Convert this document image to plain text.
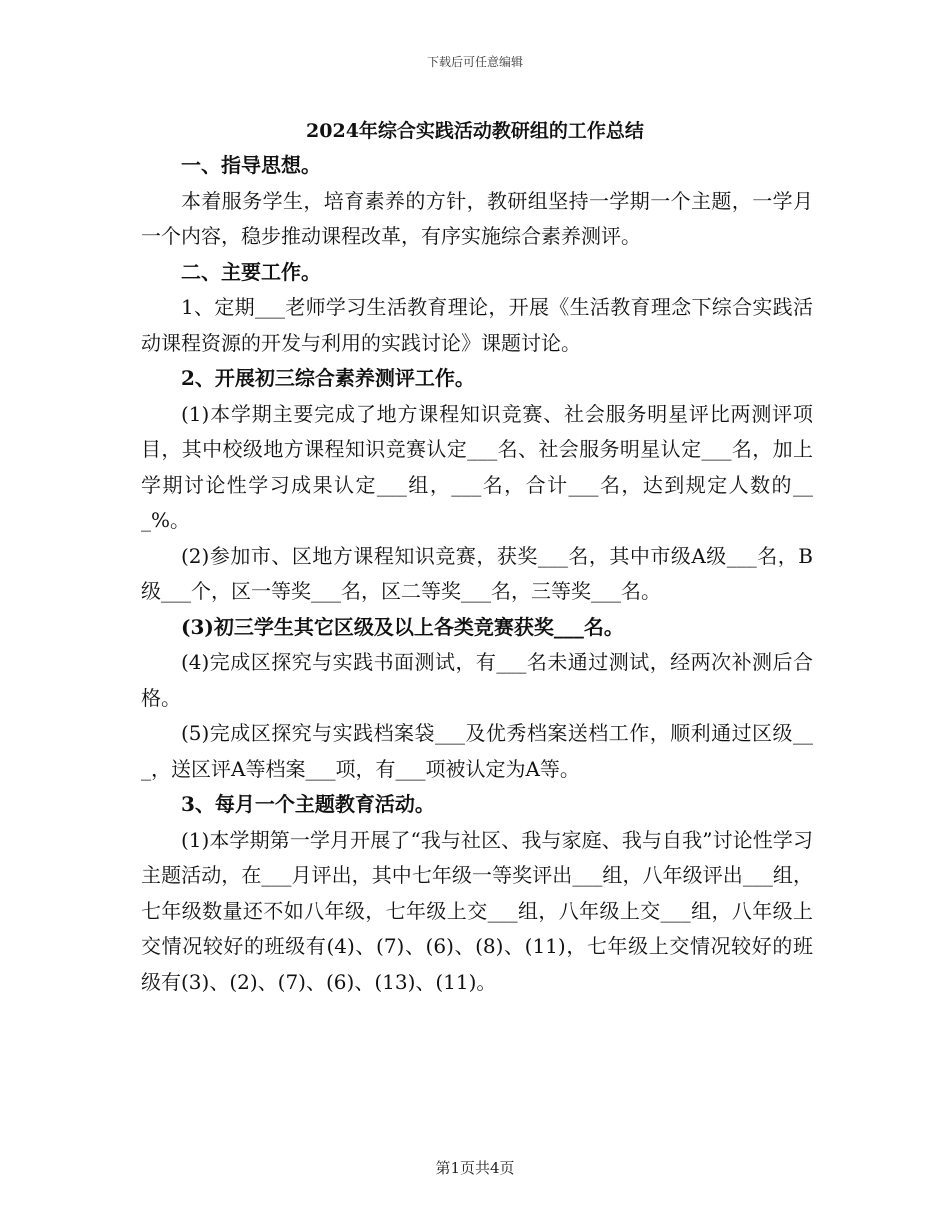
下载后可任意编辑
2024年综合实践活动教研组的工作总结

一、指导思想。

本着服务学生，培育素养的方针，教研组坚持一学期一个主题，一学月一个内容，稳步推动课程改革，有序实施综合素养测评。

二、主要工作。

1、定期___老师学习生活教育理论，开展《生活教育理念下综合实践活动课程资源的开发与利用的实践讨论》课题讨论。

2、开展初三综合素养测评工作。

(1)本学期主要完成了地方课程知识竞赛、社会服务明星评比两测评项目，其中校级地方课程知识竞赛认定___名、社会服务明星认定___名，加上学期讨论性学习成果认定___组，___名，合计___名，达到规定人数的___%。

(2)参加市、区地方课程知识竞赛，获奖___名，其中市级A级___名，B级___个，区一等奖___名，区二等奖___名，三等奖___名。

(3)初三学生其它区级及以上各类竞赛获奖___名。

(4)完成区探究与实践书面测试，有___名未通过测试，经两次补测后合格。

(5)完成区探究与实践档案袋___及优秀档案送档工作，顺利通过区级___，送区评A等档案___项，有___项被认定为A等。

3、每月一个主题教育活动。

(1)本学期第一学月开展了“我与社区、我与家庭、我与自我”讨论性学习主题活动，在___月评出，其中七年级一等奖评出___组，八年级评出___组，七年级数量还不如八年级，七年级上交___组，八年级上交___组，八年级上交情况较好的班级有(4)、(7)、(6)、(8)、(11)，七年级上交情况较好的班级有(3)、(2)、(7)、(6)、(13)、(11)。

第1页共4页
